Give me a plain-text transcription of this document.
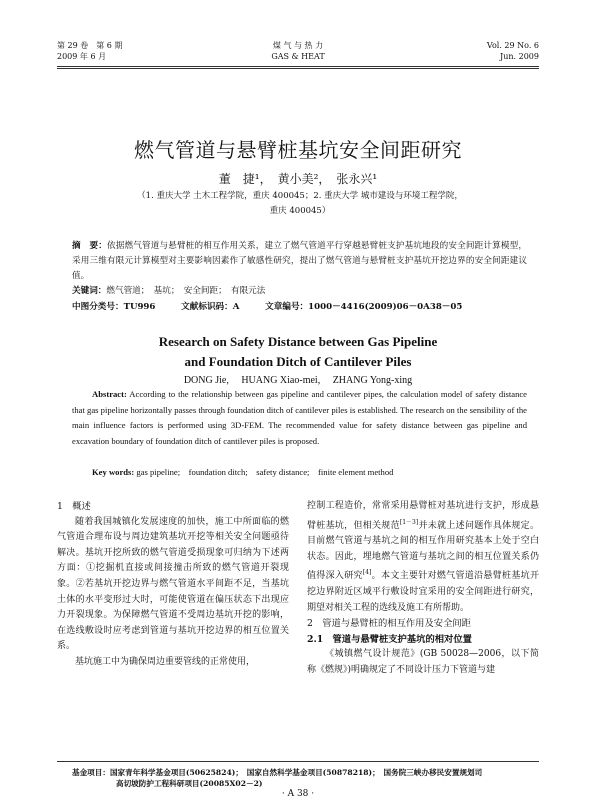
第 29 卷　第 6 期
2009 年 6 月
煤 气 与 热 力
GAS & HEAT
Vol. 29 No. 6
Jun. 2009
燃气管道与悬臂桩基坑安全间距研究
董　捷¹，　黄小美²，　张永兴¹
（1. 重庆大学 土木工程学院，重庆 400045；2. 重庆大学 城市建设与环境工程学院，
重庆 400045）
摘　要：依据燃气管道与悬臂桩的相互作用关系，建立了燃气管道平行穿越悬臂桩支护基坑地段的安全间距计算模型，采用三维有限元计算模型对主要影响因素作了敏感性研究，提出了燃气管道与悬臂桩支护基坑开挖边界的安全间距建议值。
关键词：燃气管道；　基坑；　安全间距；　有限元法
中图分类号：TU996　　　文献标识码：A　　　文章编号：1000－4416(2009)06－0A38－05
Research on Safety Distance between Gas Pipeline
and Foundation Ditch of Cantilever Piles
DONG Jie,　 HUANG Xiao-mei,　 ZHANG Yong-xing
Abstract: According to the relationship between gas pipeline and cantilever pipes, the calculation model of safety distance that gas pipeline horizontally passes through foundation ditch of cantilever piles is established. The research on the sensibility of the main influence factors is performed using 3D-FEM. The recommended value for safety distance between gas pipeline and excavation boundary of foundation ditch of cantilever piles is proposed.
Key words: gas pipeline;　foundation ditch;　safety distance;　finite element method

1　概述

随着我国城镇化发展速度的加快，施工中所面临的燃气管道合理布设与周边建筑基坑开挖等相关安全问题亟待解决。基坑开挖所致的燃气管道受损现象可归纳为下述两方面：①挖掘机直接或间接撞击所致的燃气管道开裂现象。②若基坑开挖边界与燃气管道水平间距不足，当基坑土体的水平变形过大时，可能使管道在偏压状态下出现应力开裂现象。为保障燃气管道不受周边基坑开挖的影响，在选线敷设时应考虑到管道与基坑开挖边界的相互位置关系。

基坑施工中为确保周边重要管线的正常使用，

控制工程造价，常常采用悬臂桩对基坑进行支护，形成悬臂桩基坑，但相关规范[1－3]并未就上述问题作具体规定。目前燃气管道与基坑之间的相互作用研究基本上处于空白状态。因此，埋地燃气管道与基坑之间的相互位置关系仍值得深入研究[4]。本文主要针对燃气管道沿悬臂桩基坑开挖边界附近区域平行敷设时宜采用的安全间距进行研究，期望对相关工程的选线及施工有所帮助。

2　管道与悬臂桩的相互作用及安全间距

2.1　管道与悬臂桩支护基坑的相对位置

《城镇燃气设计规范》(GB 50028—2006，以下简称《燃规》)明确规定了不同设计压力下管道与建

基金项目：国家青年科学基金项目(50625824)；　国家自然科学基金项目(50878218)；　国务院三峡办移民安置规划司
高切坡防护工程科研项目(20085X02－2)
· A 38 ·
